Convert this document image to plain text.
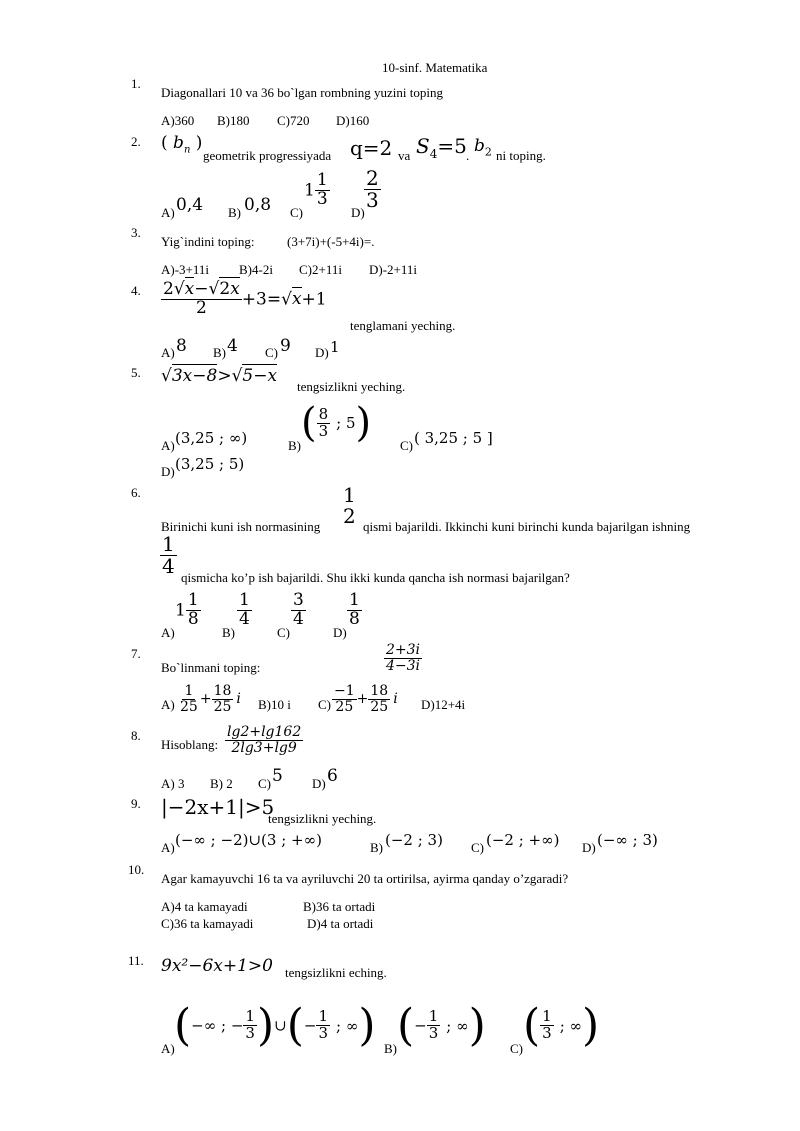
10-sinf. Matematika
1.
Diagonallari 10 va 36 bo`lgan rombning yuzini toping
A)360 B)180 C)720 D)160
2. ( $b_n$ )
geometrik progressiyada q=2 va $S_4=5$ . $b_2$ ni toping.
A) 0,4 B) 0,8 C)
$1 \frac{1}{3}$
D)
$\frac{2}{3}$
3.
Yig`indini toping: (3+7i)+(-5+4i)=.
A)-3+11i B)4-2i C)2+11i D)-2+11i
4. $\frac{2√x-√2x}{2} +3=√x+1$
tenglamani yeching.
A) 8 B) 4 C) 9 D) 1
5. √3x−8>√5−x
tengsizlikni yeching.
A) (3,25 ; ∞)	B) ( $\frac{8}{3}$ ; 5) C) ( 3,25 ; 5 ]
D) (3,25 ; 5)
6.	1
2
Birinichi kuni ish normasining	qismi bajarildi. Ikkinchi kuni birinchi kunda bajarilgan ishning
$\frac{1}{4}$
qismicha ko’p ish bajarildi. Shu ikki kunda qancha ish normasi bajarilgan?
A)
$1 \frac{1}{8}$
B)
$\frac{1}{4}$
C)
$\frac{3}{4}$
D)
$\frac{1}{8}$
7.
Bo`linmani toping:	$\frac{2+3i}{4-3i}$
$A) \frac{1}{25} + \frac{18}{25}$ i B)10 i $C) \frac{-1}{25} + \frac{18}{25}$ i D)12+4i
8.
Hisoblang: $\frac{\lg 2+\lg 162}{2\lg 3+\lg 9}$
A) 3 B) 2 C) 5 D) 6
9. |−2x+1|>5
tengsizlikni yeching.
A) (−∞ ; −2)∪(3 ; +∞)	B) (−2 ; 3) C) (−2 ; +∞) D) (−∞ ; 3)
10.
Agar kamayuvchi 16 ta va ayriluvchi 20 ta ortirilsa, ayirma qanday o’zgaradi?
A)4 ta kamayadi	B)36 ta ortadi
C)36 ta kamayadi	D)4 ta ortadi
11. 9x²−6x+1>0 tengsizlikni eching.
A) (−∞ ; − $\frac{1}{3}$ )∪(− $\frac{1}{3}$ ; ∞) B) (− $\frac{1}{3}$ ; ∞) C) ( $\frac{1}{3}$ ; ∞)
